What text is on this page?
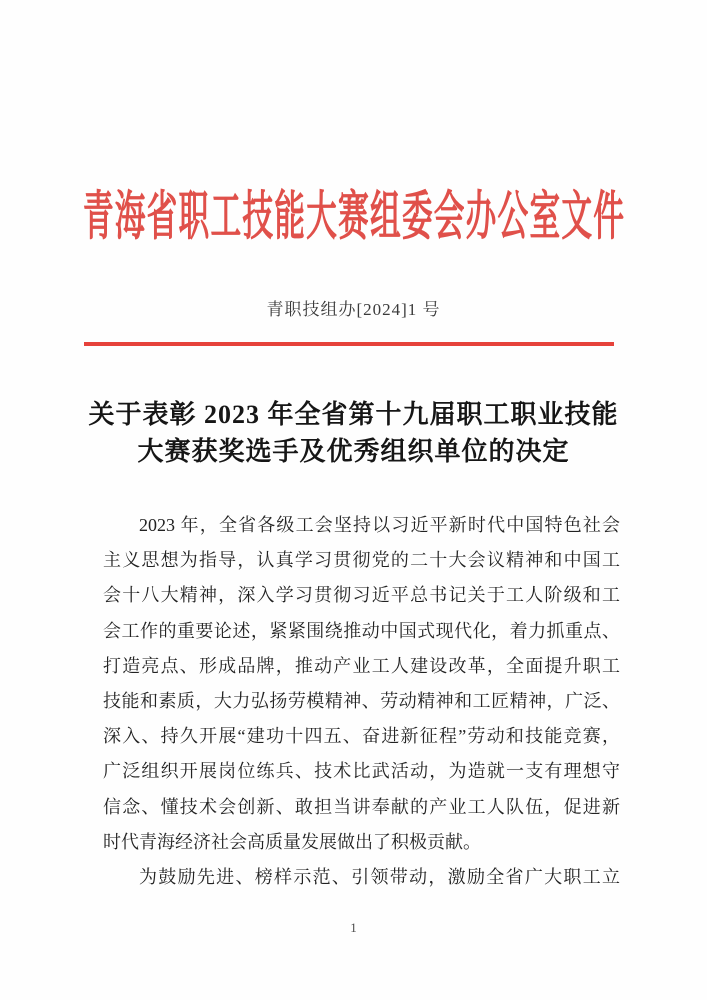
青海省职工技能大赛组委会办公室文件
青职技组办[2024]1 号
关于表彰 2023 年全省第十九届职工职业技能
大赛获奖选手及优秀组织单位的决定
2023 年，全省各级工会坚持以习近平新时代中国特色社会
主义思想为指导，认真学习贯彻党的二十大会议精神和中国工
会十八大精神，深入学习贯彻习近平总书记关于工人阶级和工
会工作的重要论述，紧紧围绕推动中国式现代化，着力抓重点、
打造亮点、形成品牌，推动产业工人建设改革，全面提升职工
技能和素质，大力弘扬劳模精神、劳动精神和工匠精神，广泛、
深入、持久开展“建功十四五、奋进新征程”劳动和技能竞赛，
广泛组织开展岗位练兵、技术比武活动，为造就一支有理想守
信念、懂技术会创新、敢担当讲奉献的产业工人队伍，促进新
时代青海经济社会高质量发展做出了积极贡献。
为鼓励先进、榜样示范、引领带动，激励全省广大职工立
1
